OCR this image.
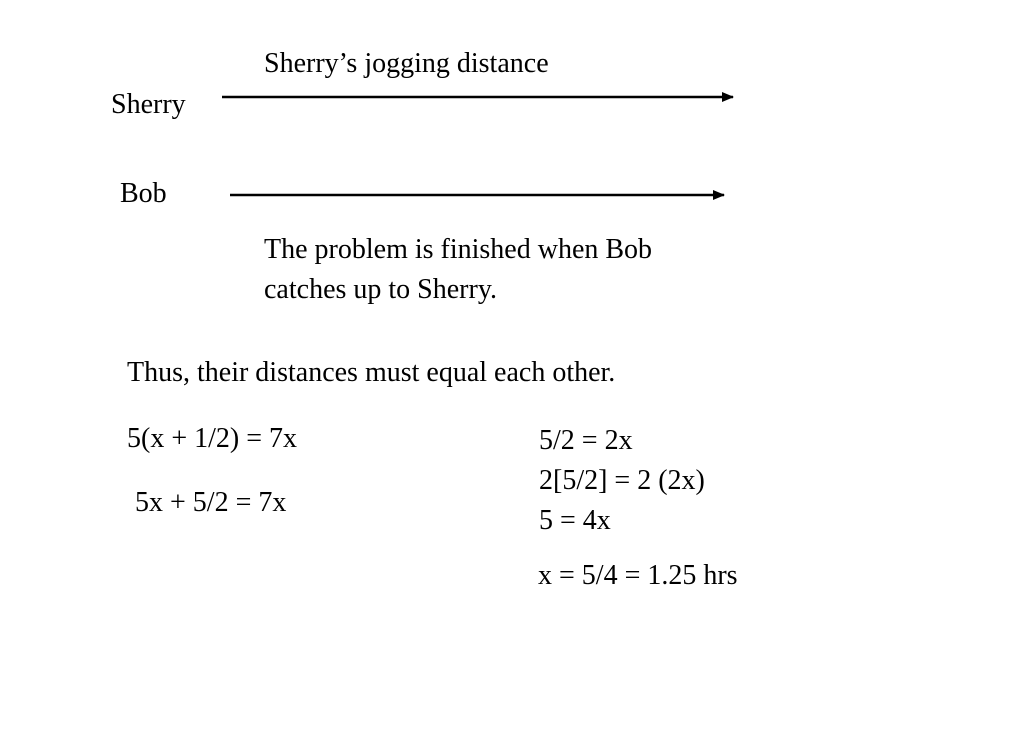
Sherry’s jogging distance
Sherry
Bob
The problem is finished when Bob
catches up to Sherry.
Thus, their distances must equal each other.
5(x + 1/2) = 7x
5x + 5/2 = 7x
5/2 = 2x
2[5/2] = 2 (2x)
5 = 4x
x = 5/4 = 1.25 hrs
